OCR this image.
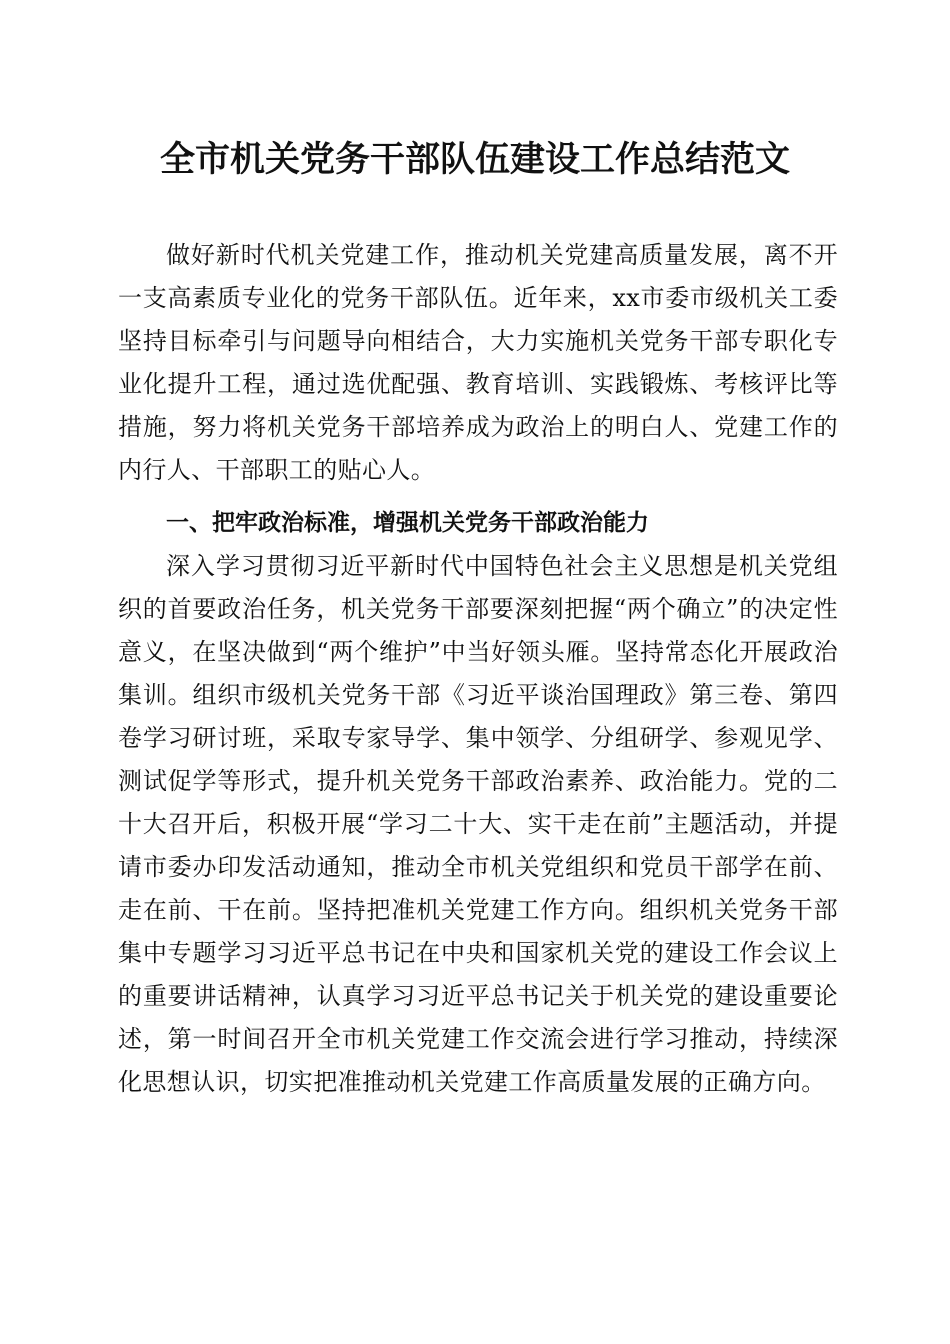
全市机关党务干部队伍建设工作总结范文

做好新时代机关党建工作，推动机关党建高质量发展，离不开一支高素质专业化的党务干部队伍。近年来，xx市委市级机关工委坚持目标牵引与问题导向相结合，大力实施机关党务干部专职化专业化提升工程，通过选优配强、教育培训、实践锻炼、考核评比等措施，努力将机关党务干部培养成为政治上的明白人、党建工作的内行人、干部职工的贴心人。

一、把牢政治标准，增强机关党务干部政治能力

深入学习贯彻习近平新时代中国特色社会主义思想是机关党组织的首要政治任务，机关党务干部要深刻把握“两个确立”的决定性意义，在坚决做到“两个维护”中当好领头雁。坚持常态化开展政治集训。组织市级机关党务干部《习近平谈治国理政》第三卷、第四卷学习研讨班，采取专家导学、集中领学、分组研学、参观见学、测试促学等形式，提升机关党务干部政治素养、政治能力。党的二十大召开后，积极开展“学习二十大、实干走在前”主题活动，并提请市委办印发活动通知，推动全市机关党组织和党员干部学在前、走在前、干在前。坚持把准机关党建工作方向。组织机关党务干部集中专题学习习近平总书记在中央和国家机关党的建设工作会议上的重要讲话精神，认真学习习近平总书记关于机关党的建设重要论述，第一时间召开全市机关党建工作交流会进行学习推动，持续深化思想认识，切实把准推动机关党建工作高质量发展的正确方向。
